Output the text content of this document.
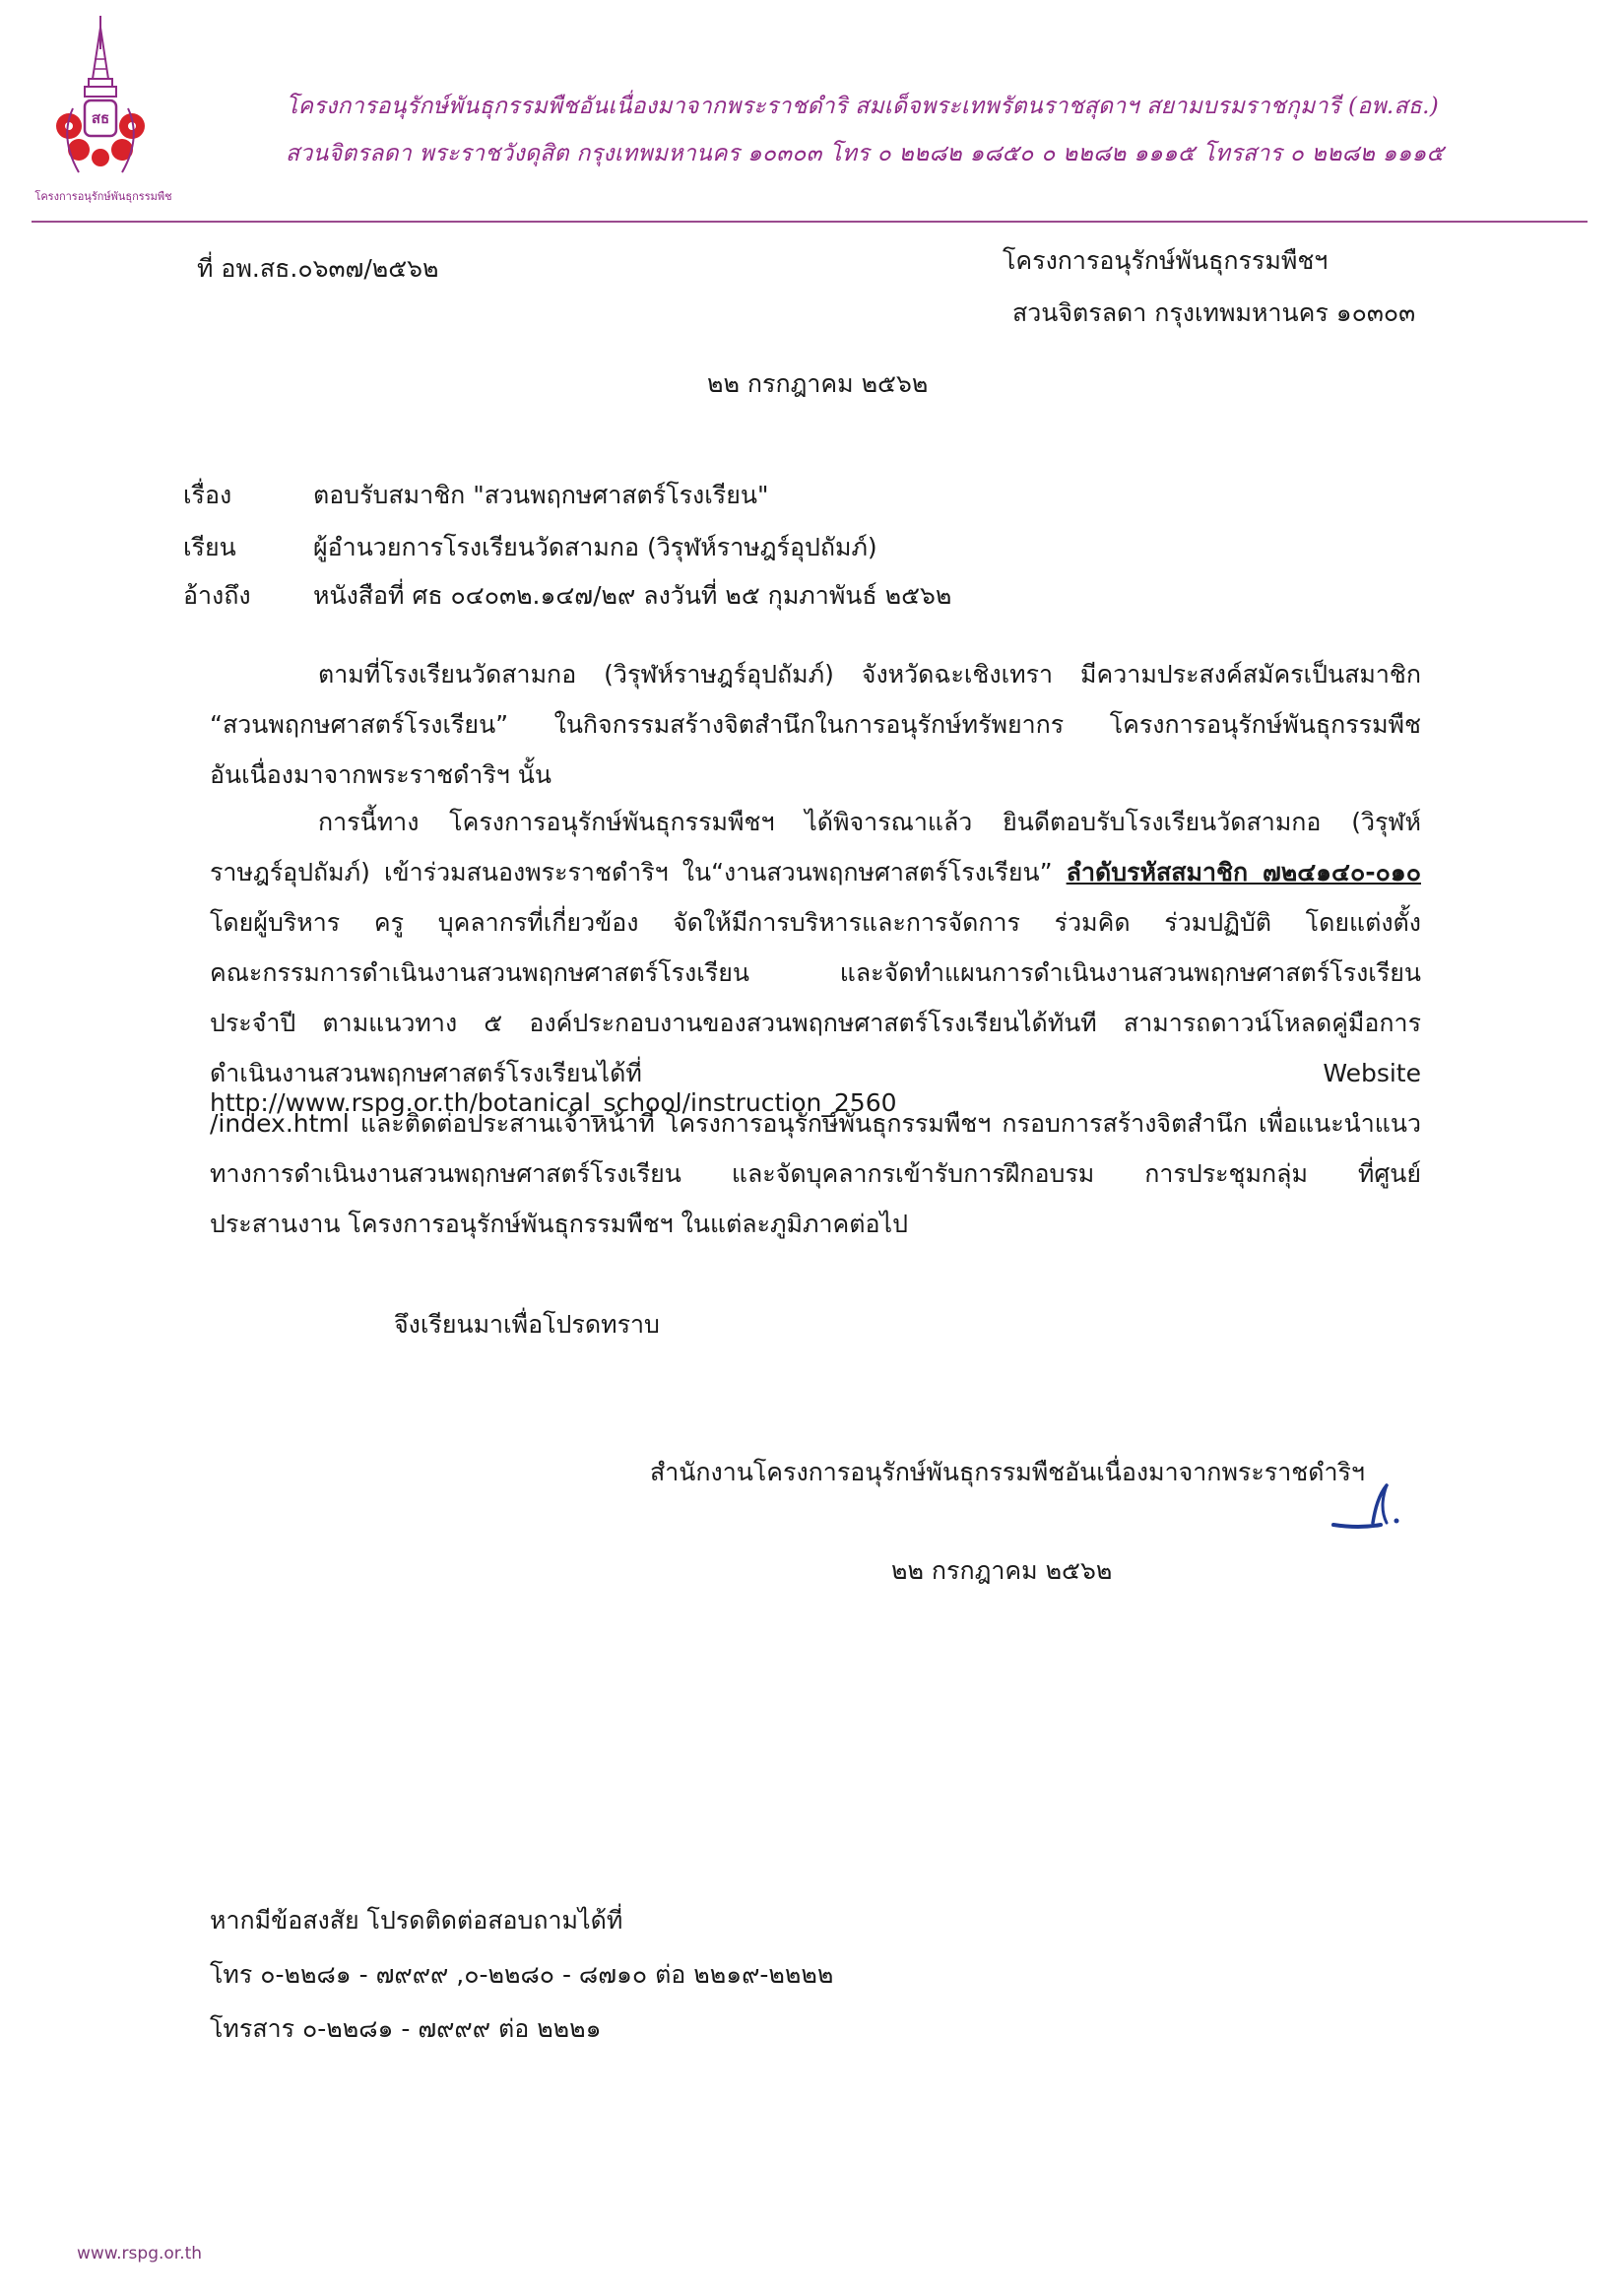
สธ
โครงการอนุรักษ์พันธุกรรมพืช
โครงการอนุรักษ์พันธุกรรมพืชอันเนื่องมาจากพระราชดำริ สมเด็จพระเทพรัตนราชสุดาฯ สยามบรมราชกุมารี (อพ.สธ.)
สวนจิตรลดา พระราชวังดุสิต กรุงเทพมหานคร ๑๐๓๐๓ โทร ๐ ๒๒๘๒ ๑๘๕๐ ๐ ๒๒๘๒ ๑๑๑๕ โทรสาร ๐ ๒๒๘๒ ๑๑๑๕
ที่ อพ.สธ.๐๖๓๗/๒๕๖๒	โครงการอนุรักษ์พันธุกรรมพืชฯ
สวนจิตรลดา กรุงเทพมหานคร ๑๐๓๐๓
๒๒ กรกฎาคม ๒๕๖๒
เรื่อง	ตอบรับสมาชิก "สวนพฤกษศาสตร์โรงเรียน"
เรียน	ผู้อำนวยการโรงเรียนวัดสามกอ (วิรุฬห์ราษฎร์อุปถัมภ์)
อ้างถึง	หนังสือที่ ศธ ๐๔๐๓๒.๑๔๗/๒๙ ลงวันที่ ๒๕ กุมภาพันธ์ ๒๕๖๒
ตามที่โรงเรียนวัดสามกอ (วิรุฬห์ราษฎร์อุปถัมภ์) จังหวัดฉะเชิงเทรา มีความประสงค์สมัครเป็นสมาชิก
“สวนพฤกษศาสตร์โรงเรียน” ในกิจกรรมสร้างจิตสำนึกในการอนุรักษ์ทรัพยากร โครงการอนุรักษ์พันธุกรรมพืช
อันเนื่องมาจากพระราชดำริฯ นั้น
การนี้ทาง โครงการอนุรักษ์พันธุกรรมพืชฯ ได้พิจารณาแล้ว ยินดีตอบรับโรงเรียนวัดสามกอ (วิรุฬห์
ราษฎร์อุปถัมภ์) เข้าร่วมสนองพระราชดำริฯ ใน“งานสวนพฤกษศาสตร์โรงเรียน” ลำดับรหัสสมาชิก ๗๒๔๑๔๐-๐๑๐
โดยผู้บริหาร ครู บุคลากรที่เกี่ยวข้อง จัดให้มีการบริหารและการจัดการ ร่วมคิด ร่วมปฏิบัติ โดยแต่งตั้ง
คณะกรรมการดำเนินงานสวนพฤกษศาสตร์โรงเรียน และจัดทำแผนการดำเนินงานสวนพฤกษศาสตร์โรงเรียน
ประจำปี ตามแนวทาง ๕ องค์ประกอบงานของสวนพฤกษศาสตร์โรงเรียนได้ทันที สามารถดาวน์โหลดคู่มือการ
ดำเนินงานสวนพฤกษศาสตร์โรงเรียนได้ที่ Website http://www.rspg.or.th/botanical_school/instruction_2560
/index.html และติดต่อประสานเจ้าหน้าที่ โครงการอนุรักษ์พันธุกรรมพืชฯ กรอบการสร้างจิตสำนึก เพื่อแนะนำแนว
ทางการดำเนินงานสวนพฤกษศาสตร์โรงเรียน และจัดบุคลากรเข้ารับการฝึกอบรม การประชุมกลุ่ม ที่ศูนย์
ประสานงาน โครงการอนุรักษ์พันธุกรรมพืชฯ ในแต่ละภูมิภาคต่อไป
จึงเรียนมาเพื่อโปรดทราบ
สำนักงานโครงการอนุรักษ์พันธุกรรมพืชอันเนื่องมาจากพระราชดำริฯ
๒๒ กรกฎาคม ๒๕๖๒
หากมีข้อสงสัย โปรดติดต่อสอบถามได้ที่
โทร ๐-๒๒๘๑ - ๗๙๙๙ ,๐-๒๒๘๐ - ๘๗๑๐ ต่อ ๒๒๑๙-๒๒๒๒
โทรสาร ๐-๒๒๘๑ - ๗๙๙๙ ต่อ ๒๒๒๑
www.rspg.or.th
